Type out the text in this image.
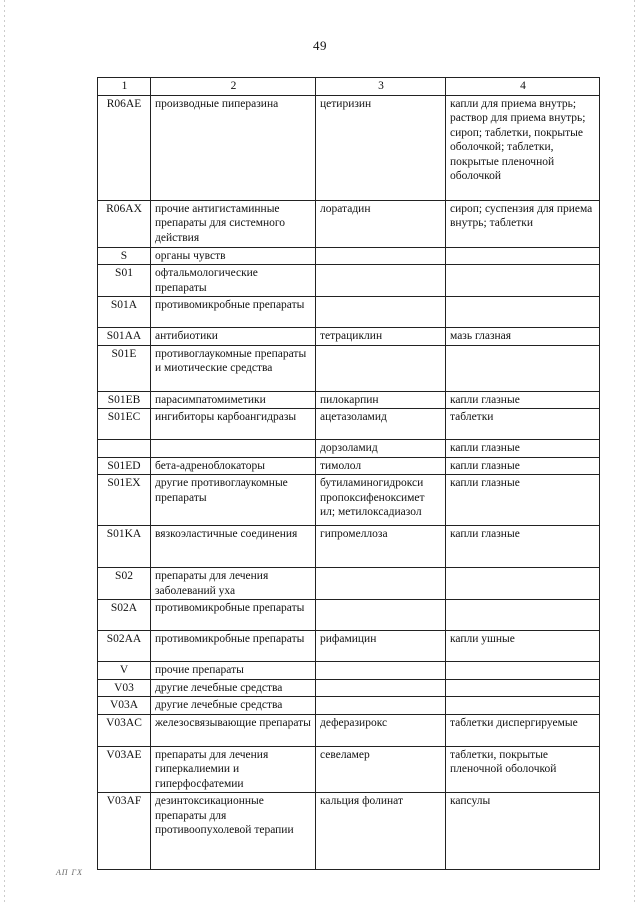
49
1	2	3	4
R06AE	производные пиперазина	цетиризин	капли для приема внутрь; раствор для приема внутрь; сироп; таблетки, покрытые оболочкой; таблетки, покрытые пленочной оболочкой
R06AX	прочие антигистаминные препараты для системного действия	лоратадин	сироп; суспензия для приема внутрь; таблетки
S	органы чувств		
S01	офтальмологические препараты		
S01A	противомикробные препараты		
S01AA	антибиотики	тетрациклин	мазь глазная
S01E	противоглаукомные препараты и миотические средства		
S01EB	парасимпатомиметики	пилокарпин	капли глазные
S01EC	ингибиторы карбоангидразы	ацетазоламид	таблетки
		дорзоламид	капли глазные
S01ED	бета-адреноблокаторы	тимолол	капли глазные
S01EX	другие противоглаукомные препараты	бутиламиногидрокси пропоксифеноксимет ил; метилоксадиазол	капли глазные
S01KA	вязкоэластичные соединения	гипромеллоза	капли глазные
S02	препараты для лечения заболеваний уха		
S02A	противомикробные препараты		
S02AA	противомикробные препараты	рифамицин	капли ушные
V	прочие препараты		
V03	другие лечебные средства		
V03A	другие лечебные средства		
V03AC	железосвязывающие препараты	деферазирокс	таблетки диспергируемые
V03AE	препараты для лечения гиперкалиемии и гиперфосфатемии	севеламер	таблетки, покрытые пленочной оболочкой
V03AF	дезинтоксикационные препараты для противоопухолевой терапии	кальция фолинат	капсулы
АП ГХ
